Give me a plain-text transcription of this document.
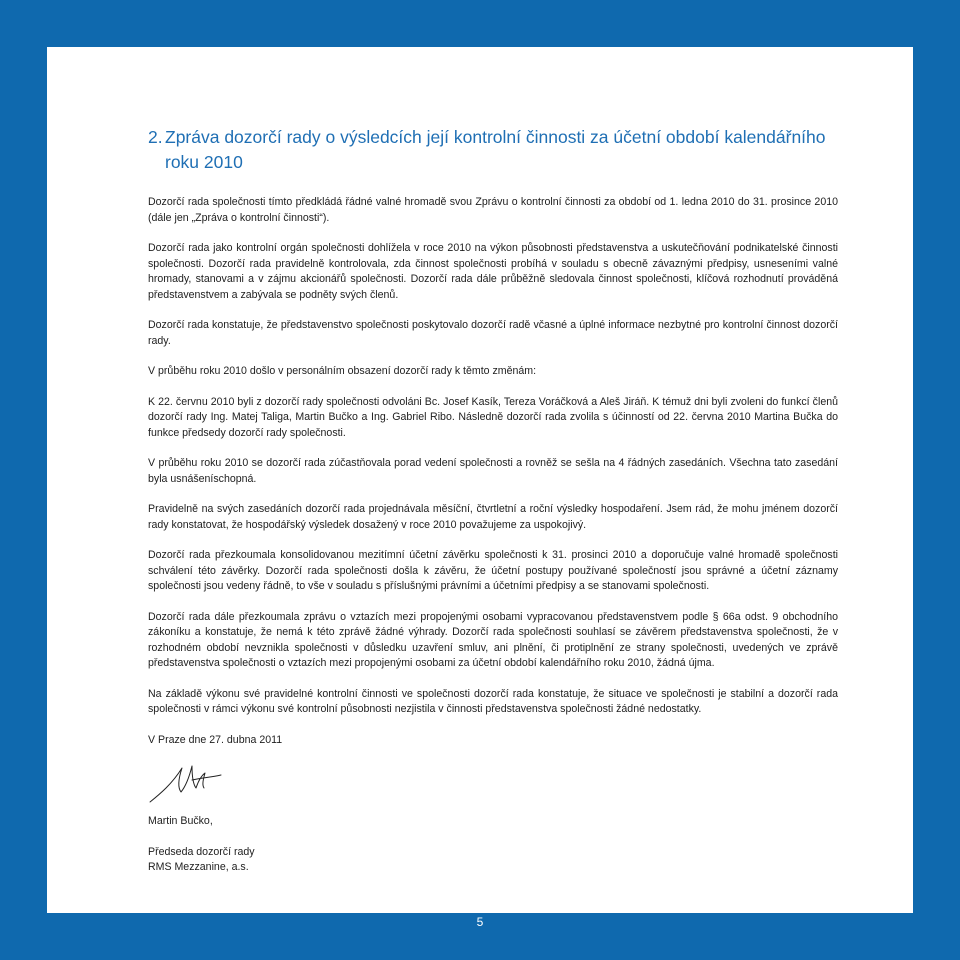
2. Zpráva dozorčí rady o výsledcích její kontrolní činnosti za účetní období kalendářního
roku 2010

Dozorčí rada společnosti tímto předkládá řádné valné hromadě svou Zprávu o kontrolní činnosti za období od 1. ledna 2010 do 31. prosince 2010 (dále jen „Zpráva o kontrolní činnosti“).

Dozorčí rada jako kontrolní orgán společnosti dohlížela v roce 2010 na výkon působnosti představenstva a uskutečňování podnikatelské činnosti společnosti. Dozorčí rada pravidelně kontrolovala, zda činnost společnosti probíhá v souladu s obecně závaznými předpisy, usneseními valné hromady, stanovami a v zájmu akcionářů společnosti. Dozorčí rada dále průběžně sledovala činnost společnosti, klíčová rozhodnutí prováděná představenstvem a zabývala se podněty svých členů.

Dozorčí rada konstatuje, že představenstvo společnosti poskytovalo dozorčí radě včasné a úplné informace nezbytné pro kontrolní činnost dozorčí rady.

V průběhu roku 2010 došlo v personálním obsazení dozorčí rady k těmto změnám:

K 22. červnu 2010 byli z dozorčí rady společnosti odvoláni Bc. Josef Kasík, Tereza Voráčková a Aleš Jiráň. K témuž dni byli zvoleni do funkcí členů dozorčí rady Ing. Matej Taliga, Martin Bučko a Ing. Gabriel Ribo. Následně dozorčí rada zvolila s účinností od 22. června 2010 Martina Bučka do funkce předsedy dozorčí rady společnosti.

V průběhu roku 2010 se dozorčí rada zúčastňovala porad vedení společnosti a rovněž se sešla na 4 řádných zasedáních. Všechna tato zasedání byla usnášeníschopná.

Pravidelně na svých zasedáních dozorčí rada projednávala měsíční, čtvrtletní a roční výsledky hospodaření. Jsem rád, že mohu jménem dozorčí rady konstatovat, že hospodářský výsledek dosažený v roce 2010 považujeme za uspokojivý.

Dozorčí rada přezkoumala konsolidovanou mezitímní účetní závěrku společnosti k 31. prosinci 2010 a doporučuje valné hromadě společnosti schválení této závěrky. Dozorčí rada společnosti došla k závěru, že účetní postupy používané společností jsou správné a účetní záznamy společnosti jsou vedeny řádně, to vše v souladu s příslušnými právními a účetními předpisy a se stanovami společnosti.

Dozorčí rada dále přezkoumala zprávu o vztazích mezi propojenými osobami vypracovanou představenstvem podle § 66a odst. 9 obchodního zákoníku a konstatuje, že nemá k této zprávě žádné výhrady. Dozorčí rada společnosti souhlasí se závěrem představenstva společnosti, že v rozhodném období nevznikla společnosti v důsledku uzavření smluv, ani plnění, či protiplnění ze strany společnosti, uvedených ve zprávě představenstva společnosti o vztazích mezi propojenými osobami za účetní období kalendářního roku 2010, žádná újma.

Na základě výkonu své pravidelné kontrolní činnosti ve společnosti dozorčí rada konstatuje, že situace ve společnosti je stabilní a dozorčí rada společnosti v rámci výkonu své kontrolní působnosti nezjistila v činnosti představenstva společnosti žádné nedostatky.

V Praze dne 27. dubna 2011

Martin Bučko,

Předseda dozorčí rady

RMS Mezzanine, a.s.

5
